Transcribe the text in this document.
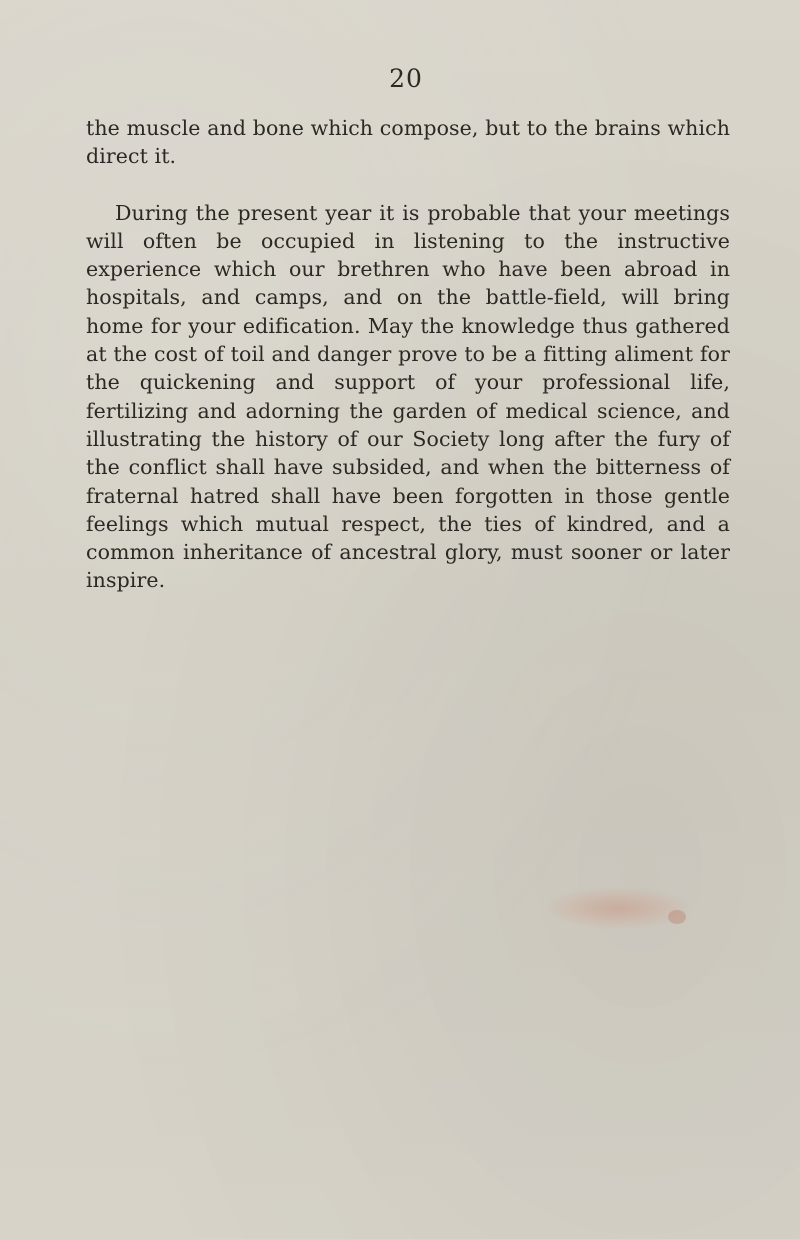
20

the muscle and bone which compose, but to the brains which direct it.

During the present year it is probable that your meetings will often be occupied in listening to the instructive experience which our brethren who have been abroad in hospitals, and camps, and on the battle-field, will bring home for your edification. May the knowledge thus gathered at the cost of toil and danger prove to be a fitting aliment for the quickening and support of your professional life, fertilizing and adorning the garden of medical science, and illustrating the history of our Society long after the fury of the conflict shall have subsided, and when the bitterness of fraternal hatred shall have been forgotten in those gentle feelings which mutual respect, the ties of kindred, and a common inheritance of ancestral glory, must sooner or later inspire.
